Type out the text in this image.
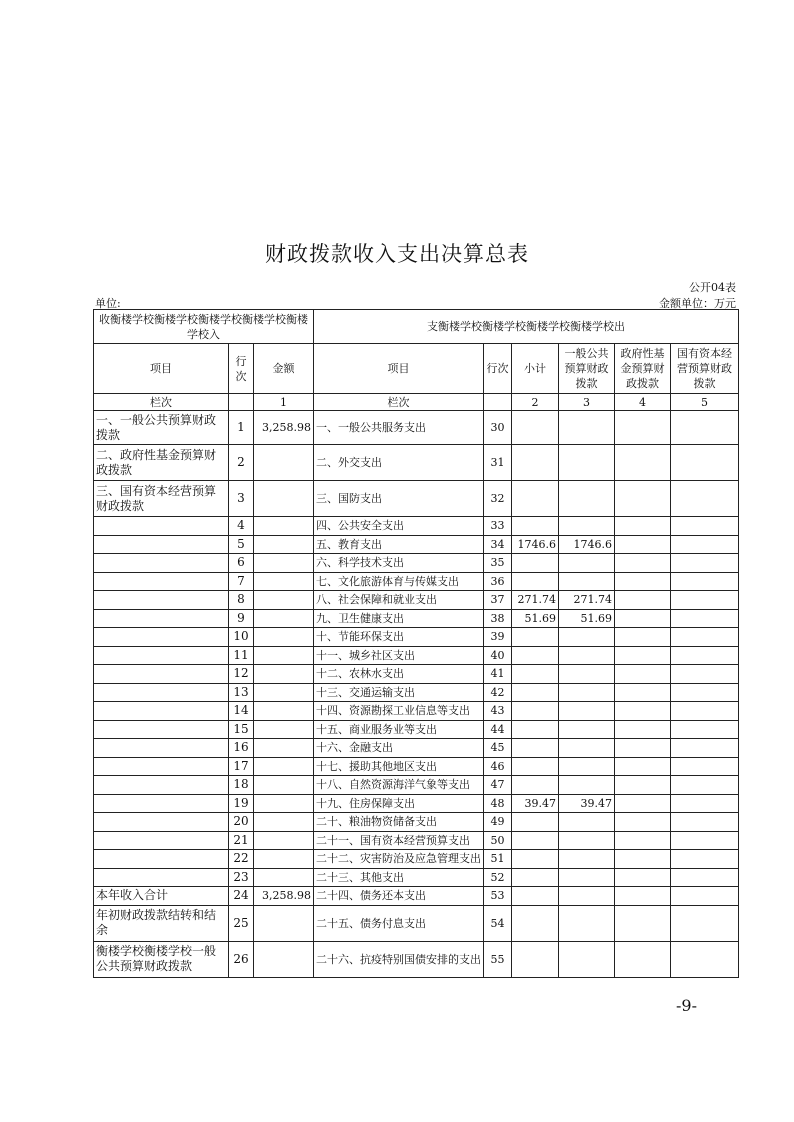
财政拨款收入支出决算总表
公开04表
单位:	金额单位：万元
收衡楼学校衡楼学校衡楼学校衡楼学校衡楼学校入			支衡楼学校衡楼学校衡楼学校衡楼学校出					
项目	行次	金额	项目	行次	小计	一般公共预算财政拨款	政府性基金预算财政拨款	国有资本经营预算财政拨款
栏次		1	栏次		2	3	4	5
一、一般公共预算财政拨款	1	3,258.98	一、一般公共服务支出	30				
二、政府性基金预算财政拨款	2		二、外交支出	31				
三、国有资本经营预算财政拨款	3		三、国防支出	32				
	4		四、公共安全支出	33				
	5		五、教育支出	34	1746.6	1746.6		
	6		六、科学技术支出	35				
	7		七、文化旅游体育与传媒支出	36				
	8		八、社会保障和就业支出	37	271.74	271.74		
	9		九、卫生健康支出	38	51.69	51.69		
	10		十、节能环保支出	39				
	11		十一、城乡社区支出	40				
	12		十二、农林水支出	41				
	13		十三、交通运输支出	42				
	14		十四、资源勘探工业信息等支出	43				
	15		十五、商业服务业等支出	44				
	16		十六、金融支出	45				
	17		十七、援助其他地区支出	46				
	18		十八、自然资源海洋气象等支出	47				
	19		十九、住房保障支出	48	39.47	39.47		
	20		二十、粮油物资储备支出	49				
	21		二十一、国有资本经营预算支出	50				
	22		二十二、灾害防治及应急管理支出	51				
	23		二十三、其他支出	52				
本年收入合计	24	3,258.98	二十四、债务还本支出	53				
年初财政拨款结转和结余	25		二十五、债务付息支出	54				
衡楼学校衡楼学校一般公共预算财政拨款	26		二十六、抗疫特别国债安排的支出	55				
-9-
